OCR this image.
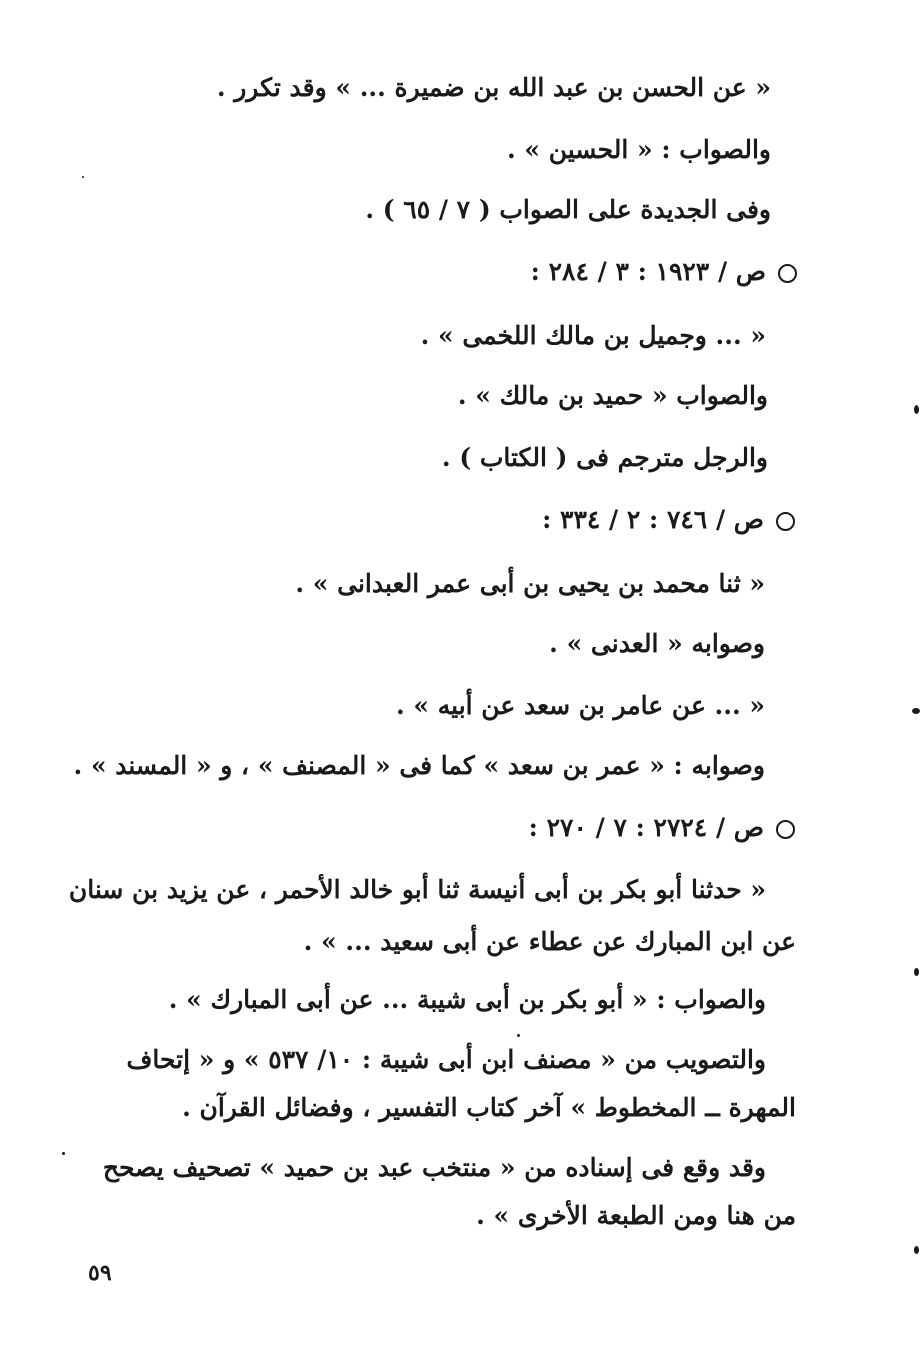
« عن الحسن بن عبد الله بن ضميرة ... » وقد تكرر .
والصواب : « الحسين » .
وفى الجديدة على الصواب ( ٧ / ٦٥ ) .
ص / ١٩٢٣ : ٣ / ٢٨٤ :
« ... وجميل بن مالك اللخمى » .
والصواب « حميد بن مالك » .
والرجل مترجم فى ( الكتاب ) .
ص / ٧٤٦ : ٢ / ٣٣٤ :
« ثنا محمد بن يحيى بن أبى عمر العبدانى » .
وصوابه « العدنى » .
« ... عن عامر بن سعد عن أبيه » .
وصوابه : « عمر بن سعد » كما فى « المصنف » ، و « المسند » .
ص / ٢٧٢٤ : ٧ / ٢٧٠ :
« حدثنا أبو بكر بن أبى أنيسة ثنا أبو خالد الأحمر ، عن يزيد بن سنان
عن ابن المبارك عن عطاء عن أبى سعيد ... » .
والصواب : « أبو بكر بن أبى شيبة ... عن أبى المبارك » .
والتصويب من « مصنف ابن أبى شيبة : ١٠/ ٥٣٧ » و « إتحاف
المهرة ــ المخطوط » آخر كتاب التفسير ، وفضائل القرآن .
وقد وقع فى إسناده من « منتخب عبد بن حميد » تصحيف يصحح
من هنا ومن الطبعة الأخرى » .
٥٩
